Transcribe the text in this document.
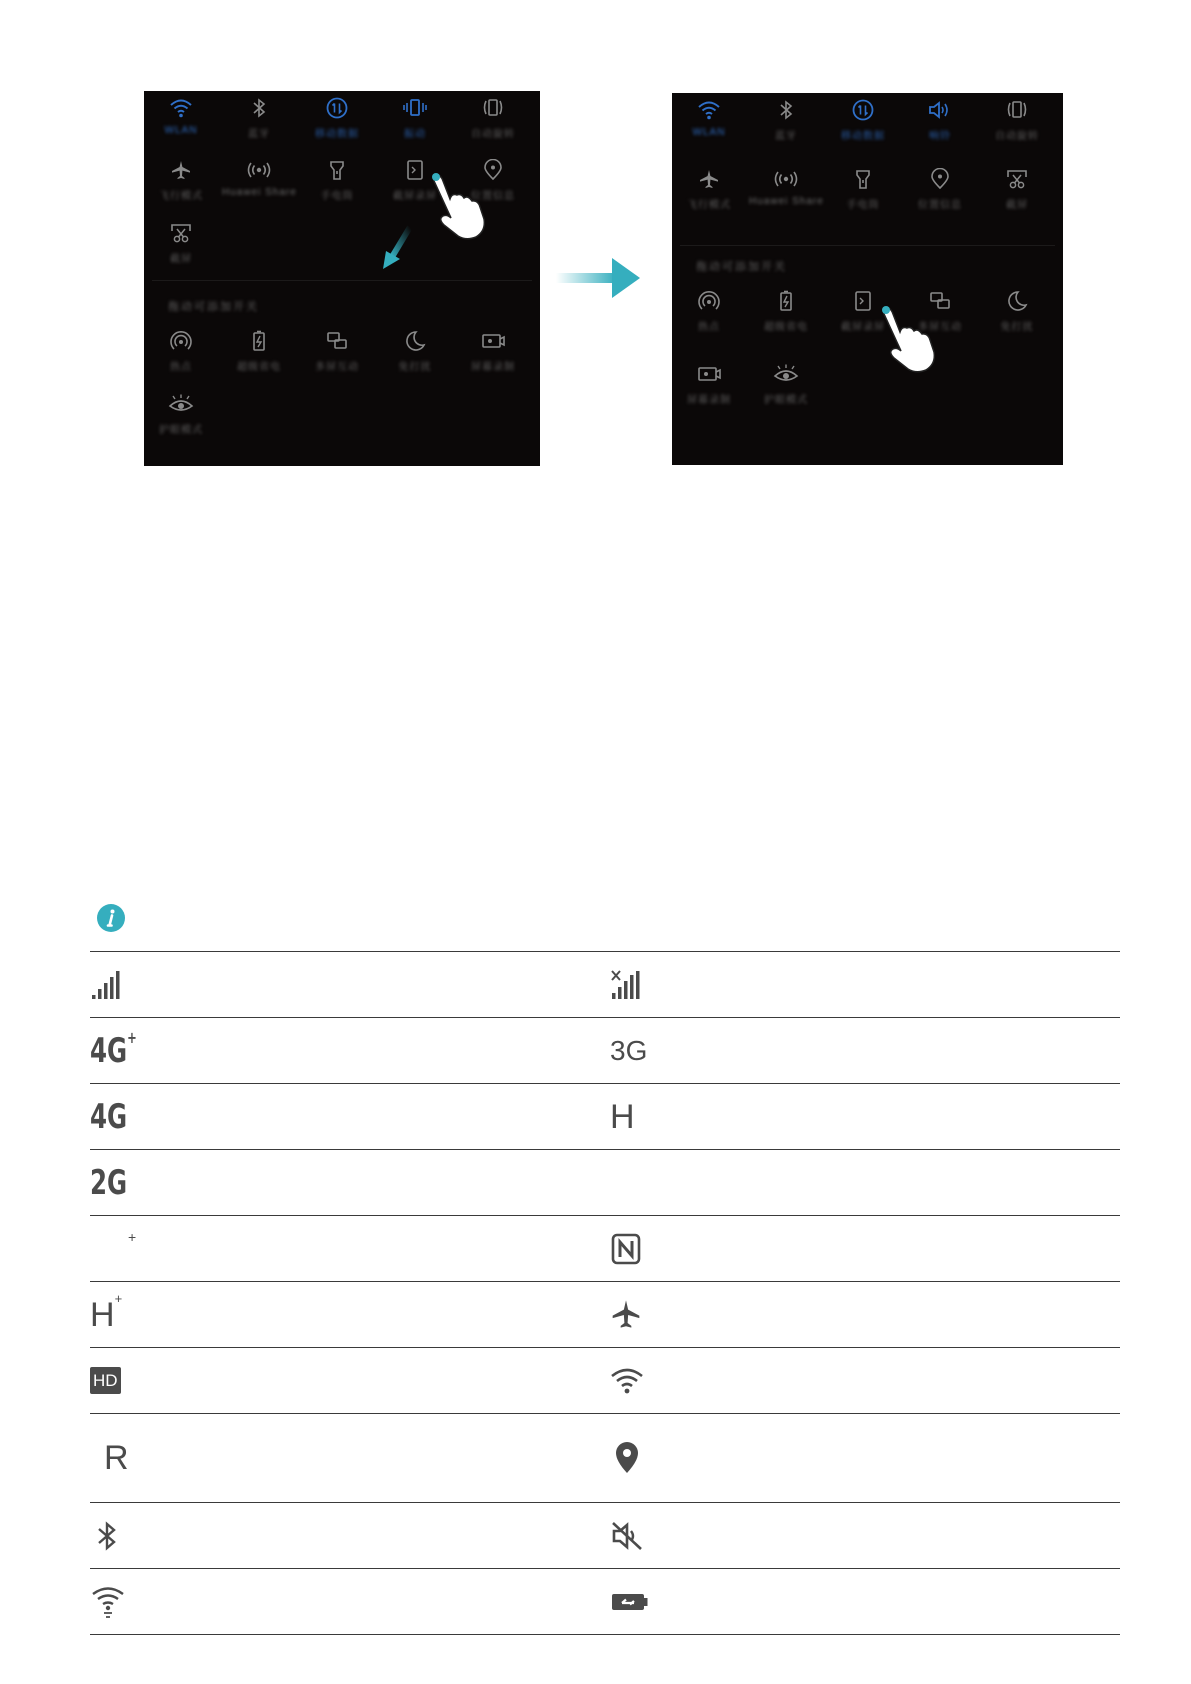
WLAN	蓝牙	移动数据	振动	自动旋转
飞行模式	Huawei Share	手电筒	截屏录屏	位置信息
截屏
拖动可添加开关
热点	超级省电	多屏互动	免打扰	屏幕录制
护眼模式
WLAN	蓝牙	移动数据	响铃	自动旋转
飞行模式	Huawei Share	手电筒	位置信息	截屏
拖动可添加开关
热点	超级省电	截屏录屏	多屏互动	免打扰
屏幕录制	护眼模式

4G+	3G
4G	H
2G	

+

H+	
HD	
R	
